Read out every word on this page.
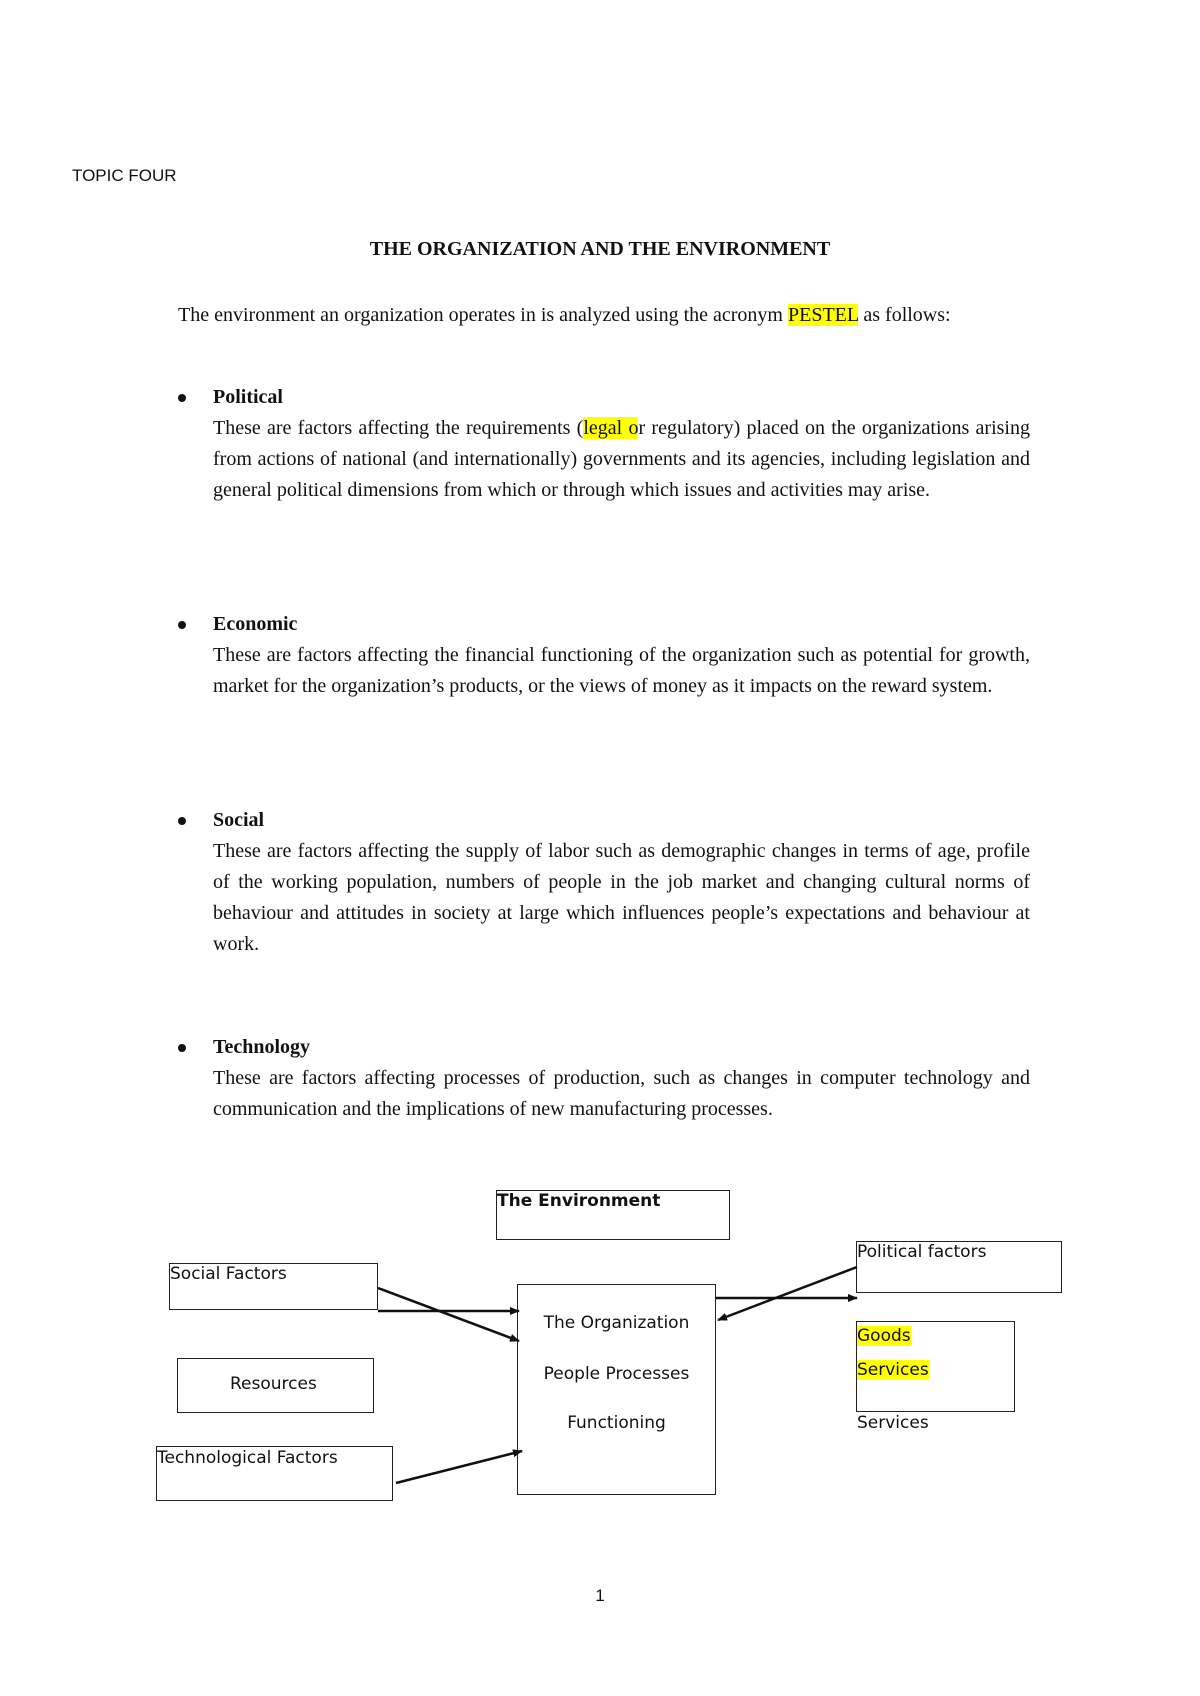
TOPIC FOUR
THE ORGANIZATION AND THE ENVIRONMENT
The environment an organization operates in is analyzed using the acronym PESTEL as follows:
Political
These are factors affecting the requirements (legal or regulatory) placed on the organizations arising from actions of national (and internationally) governments and its agencies, including legislation and general political dimensions from which or through which issues and activities may arise.
Economic
These are factors affecting the financial functioning of the organization such as potential for growth, market for the organization’s products, or the views of money as it impacts on the reward system.
Social
These are factors affecting the supply of labor such as demographic changes in terms of age, profile of the working population, numbers of people in the job market and changing cultural norms of behaviour and attitudes in society at large which influences people’s expectations and behaviour at work.
Technology
These are factors affecting processes of production, such as changes in computer technology and communication and the implications of new manufacturing processes.
The Environment
Social Factors
Resources
Technological Factors
The Organization
People Processes
Functioning
Political factors
Goods
Services
Services
1
